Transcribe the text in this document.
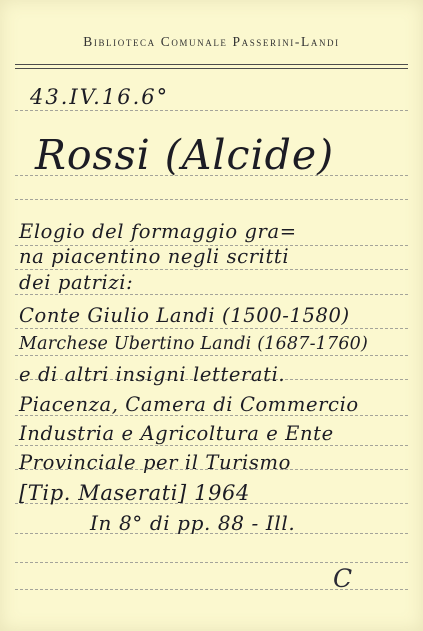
Biblioteca Comunale Passerini-Landi
43.IV.16.6°
Rossi (Alcide)
Elogio del formaggio gra=
na piacentino negli scritti
dei patrizi:
Conte Giulio Landi (1500-1580)
Marchese Ubertino Landi (1687-1760)
e di altri insigni letterati.
Piacenza, Camera di Commercio
Industria e Agricoltura e Ente
Provinciale per il Turismo
[Tip. Maserati] 1964
In 8° di pp. 88 - Ill.
C
